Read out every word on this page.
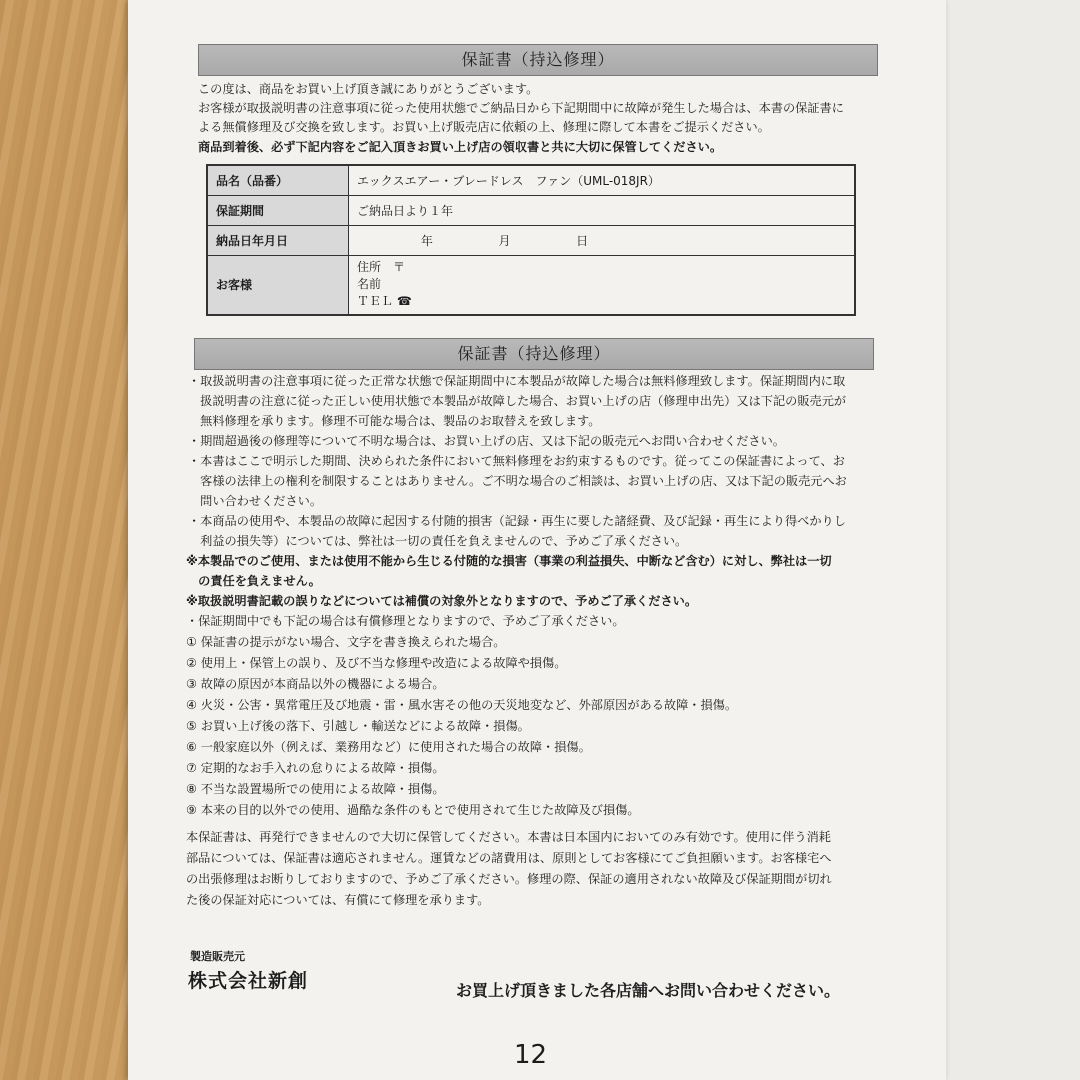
保証書（持込修理）
この度は、商品をお買い上げ頂き誠にありがとうございます。
お客様が取扱説明書の注意事項に従った使用状態でご納品日から下記期間中に故障が発生した場合は、本書の保証書に
よる無償修理及び交換を致します。お買い上げ販売店に依頼の上、修理に際して本書をご提示ください。
商品到着後、必ず下記内容をご記入頂きお買い上げ店の領収書と共に大切に保管してください。
品名（品番）	エックスエアー・ブレードレス　ファン（UML-018JR）
保証期間	ご納品日より１年
納品日年月日	年 月 日
お客様	住所　〒
名前
ＴＥＬ ☎
保証書（持込修理）
・取扱説明書の注意事項に従った正常な状態で保証期間中に本製品が故障した場合は無料修理致します。保証期間内に取
　扱説明書の注意に従った正しい使用状態で本製品が故障した場合、お買い上げの店（修理申出先）又は下記の販売元が
　無料修理を承ります。修理不可能な場合は、製品のお取替えを致します。
・期間超過後の修理等について不明な場合は、お買い上げの店、又は下記の販売元へお問い合わせください。
・本書はここで明示した期間、決められた条件において無料修理をお約束するものです。従ってこの保証書によって、お
　客様の法律上の権利を制限することはありません。ご不明な場合のご相談は、お買い上げの店、又は下記の販売元へお
　問い合わせください。
・本商品の使用や、本製品の故障に起因する付随的損害（記録・再生に要した諸経費、及び記録・再生により得べかりし
　利益の損失等）については、弊社は一切の責任を負えませんので、予めご了承ください。
※本製品でのご使用、または使用不能から生じる付随的な損害（事業の利益損失、中断など含む）に対し、弊社は一切
　の責任を負えません。
※取扱説明書記載の誤りなどについては補償の対象外となりますので、予めご了承ください。
・保証期間中でも下記の場合は有償修理となりますので、予めご了承ください。
① 保証書の提示がない場合、文字を書き換えられた場合。
② 使用上・保管上の誤り、及び不当な修理や改造による故障や損傷。
③ 故障の原因が本商品以外の機器による場合。
④ 火災・公害・異常電圧及び地震・雷・風水害その他の天災地変など、外部原因がある故障・損傷。
⑤ お買い上げ後の落下、引越し・輸送などによる故障・損傷。
⑥ 一般家庭以外（例えば、業務用など）に使用された場合の故障・損傷。
⑦ 定期的なお手入れの怠りによる故障・損傷。
⑧ 不当な設置場所での使用による故障・損傷。
⑨ 本来の目的以外での使用、過酷な条件のもとで使用されて生じた故障及び損傷。
本保証書は、再発行できませんので大切に保管してください。本書は日本国内においてのみ有効です。使用に伴う消耗
部品については、保証書は適応されません。運賃などの諸費用は、原則としてお客様にてご負担願います。お客様宅へ
の出張修理はお断りしておりますので、予めご了承ください。修理の際、保証の適用されない故障及び保証期間が切れ
た後の保証対応については、有償にて修理を承ります。
製造販売元
株式会社新創	お買上げ頂きました各店舗へお問い合わせください。
12
